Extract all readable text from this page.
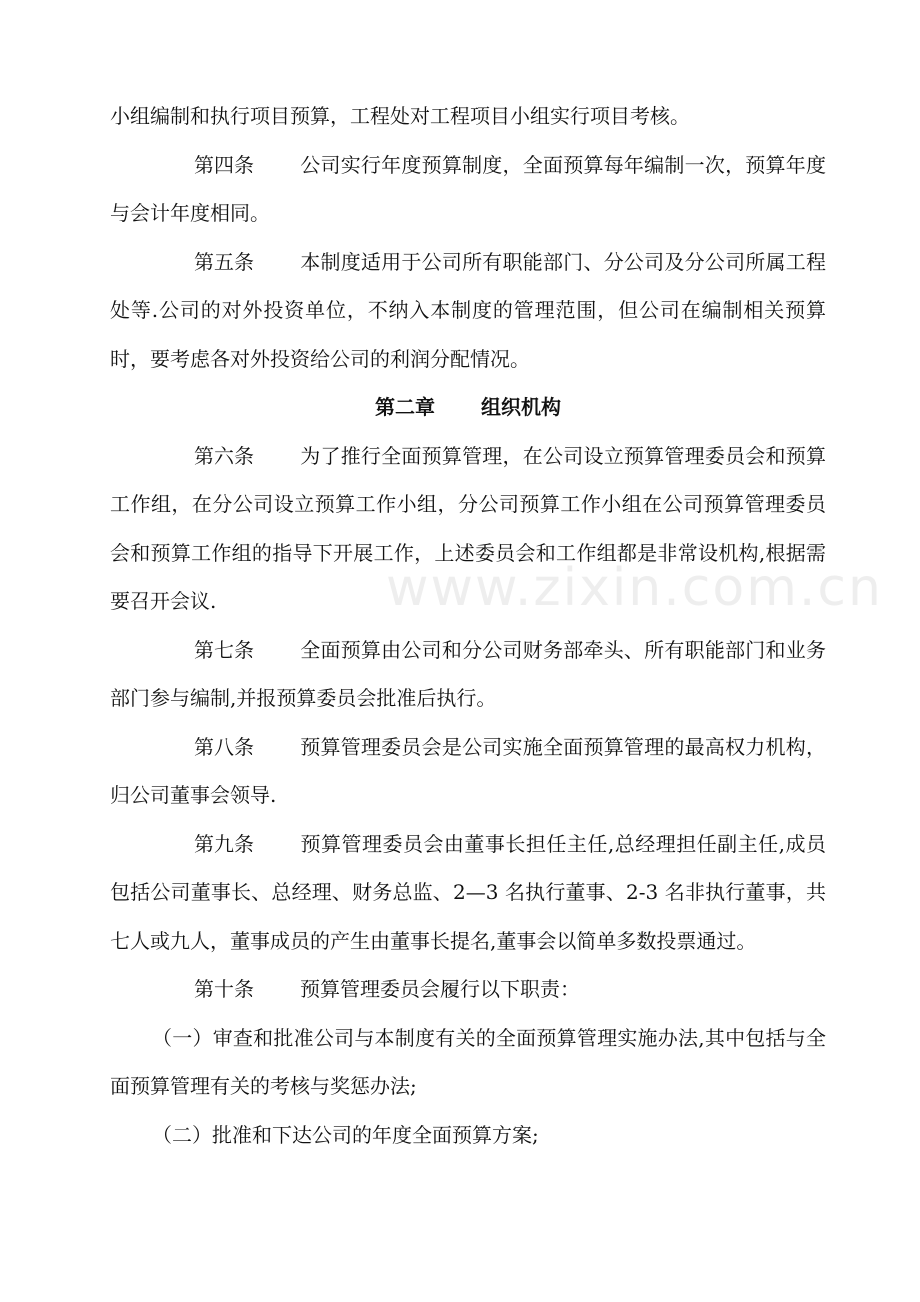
www.zixin.com.cn

小组编制和执行项目预算，工程处对工程项目小组实行项目考核。

第四条 公司实行年度预算制度，全面预算每年编制一次，预算年度与会计年度相同。

第五条 本制度适用于公司所有职能部门、分公司及分公司所属工程处等.公司的对外投资单位，不纳入本制度的管理范围，但公司在编制相关预算时，要考虑各对外投资给公司的利润分配情况。

第二章 组织机构

第六条 为了推行全面预算管理，在公司设立预算管理委员会和预算工作组，在分公司设立预算工作小组，分公司预算工作小组在公司预算管理委员会和预算工作组的指导下开展工作，上述委员会和工作组都是非常设机构,根据需要召开会议.

第七条 全面预算由公司和分公司财务部牵头、所有职能部门和业务部门参与编制,并报预算委员会批准后执行。

第八条 预算管理委员会是公司实施全面预算管理的最高权力机构，归公司董事会领导.

第九条 预算管理委员会由董事长担任主任,总经理担任副主任,成员包括公司董事长、总经理、财务总监、2—3 名执行董事、2-3 名非执行董事，共七人或九人，董事成员的产生由董事长提名,董事会以简单多数投票通过。

第十条 预算管理委员会履行以下职责：

（一）审查和批准公司与本制度有关的全面预算管理实施办法,其中包括与全面预算管理有关的考核与奖惩办法;

（二）批准和下达公司的年度全面预算方案;
